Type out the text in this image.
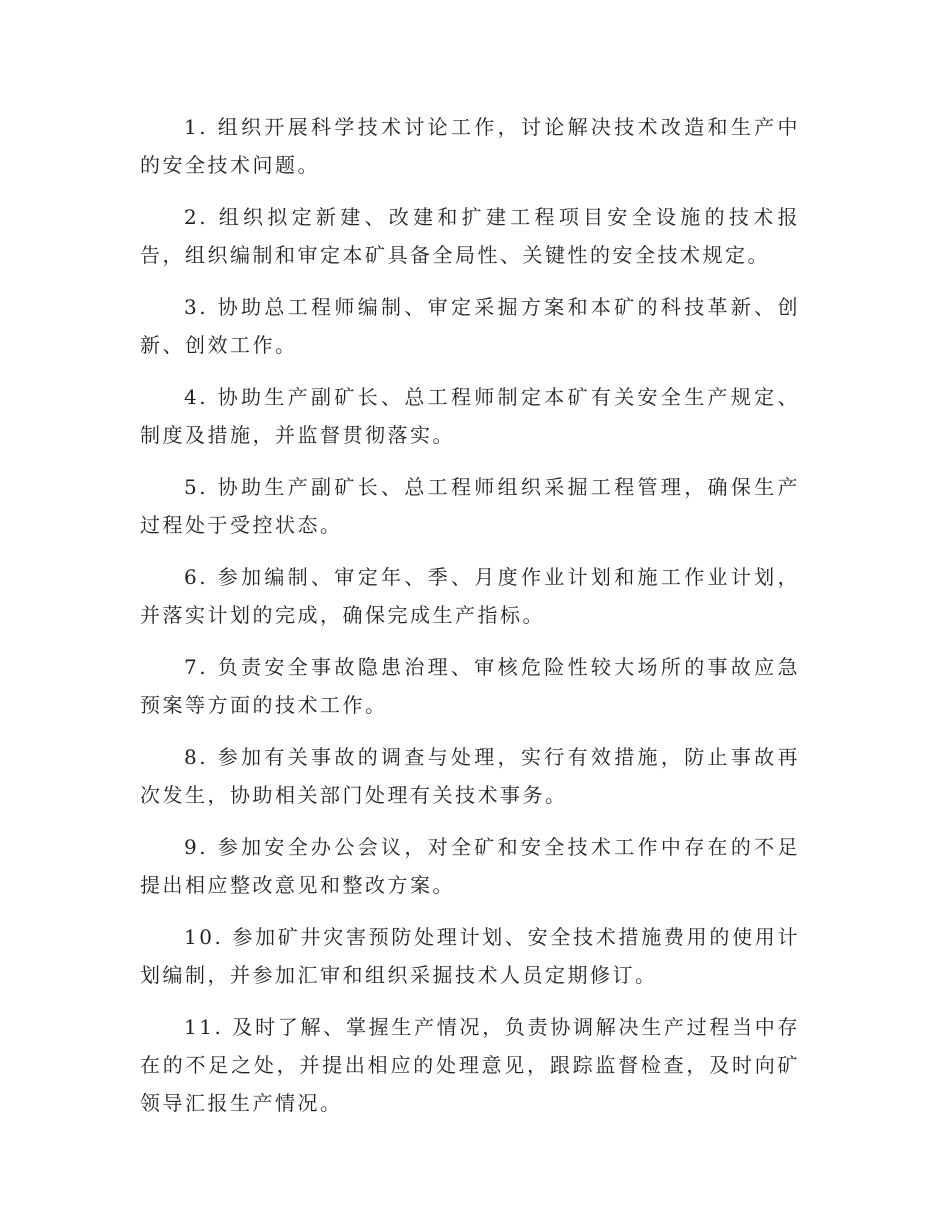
1. 组织开展科学技术讨论工作，讨论解决技术改造和生产中的安全技术问题。

2. 组织拟定新建、改建和扩建工程项目安全设施的技术报告，组织编制和审定本矿具备全局性、关键性的安全技术规定。

3. 协助总工程师编制、审定采掘方案和本矿的科技革新、创新、创效工作。

4. 协助生产副矿长、总工程师制定本矿有关安全生产规定、制度及措施，并监督贯彻落实。

5. 协助生产副矿长、总工程师组织采掘工程管理，确保生产过程处于受控状态。

6. 参加编制、审定年、季、月度作业计划和施工作业计划，并落实计划的完成，确保完成生产指标。

7. 负责安全事故隐患治理、审核危险性较大场所的事故应急预案等方面的技术工作。

8. 参加有关事故的调查与处理，实行有效措施，防止事故再次发生，协助相关部门处理有关技术事务。

9. 参加安全办公会议，对全矿和安全技术工作中存在的不足提出相应整改意见和整改方案。

10. 参加矿井灾害预防处理计划、安全技术措施费用的使用计划编制，并参加汇审和组织采掘技术人员定期修订。

11. 及时了解、掌握生产情况，负责协调解决生产过程当中存在的不足之处，并提出相应的处理意见，跟踪监督检查，及时向矿领导汇报生产情况。
